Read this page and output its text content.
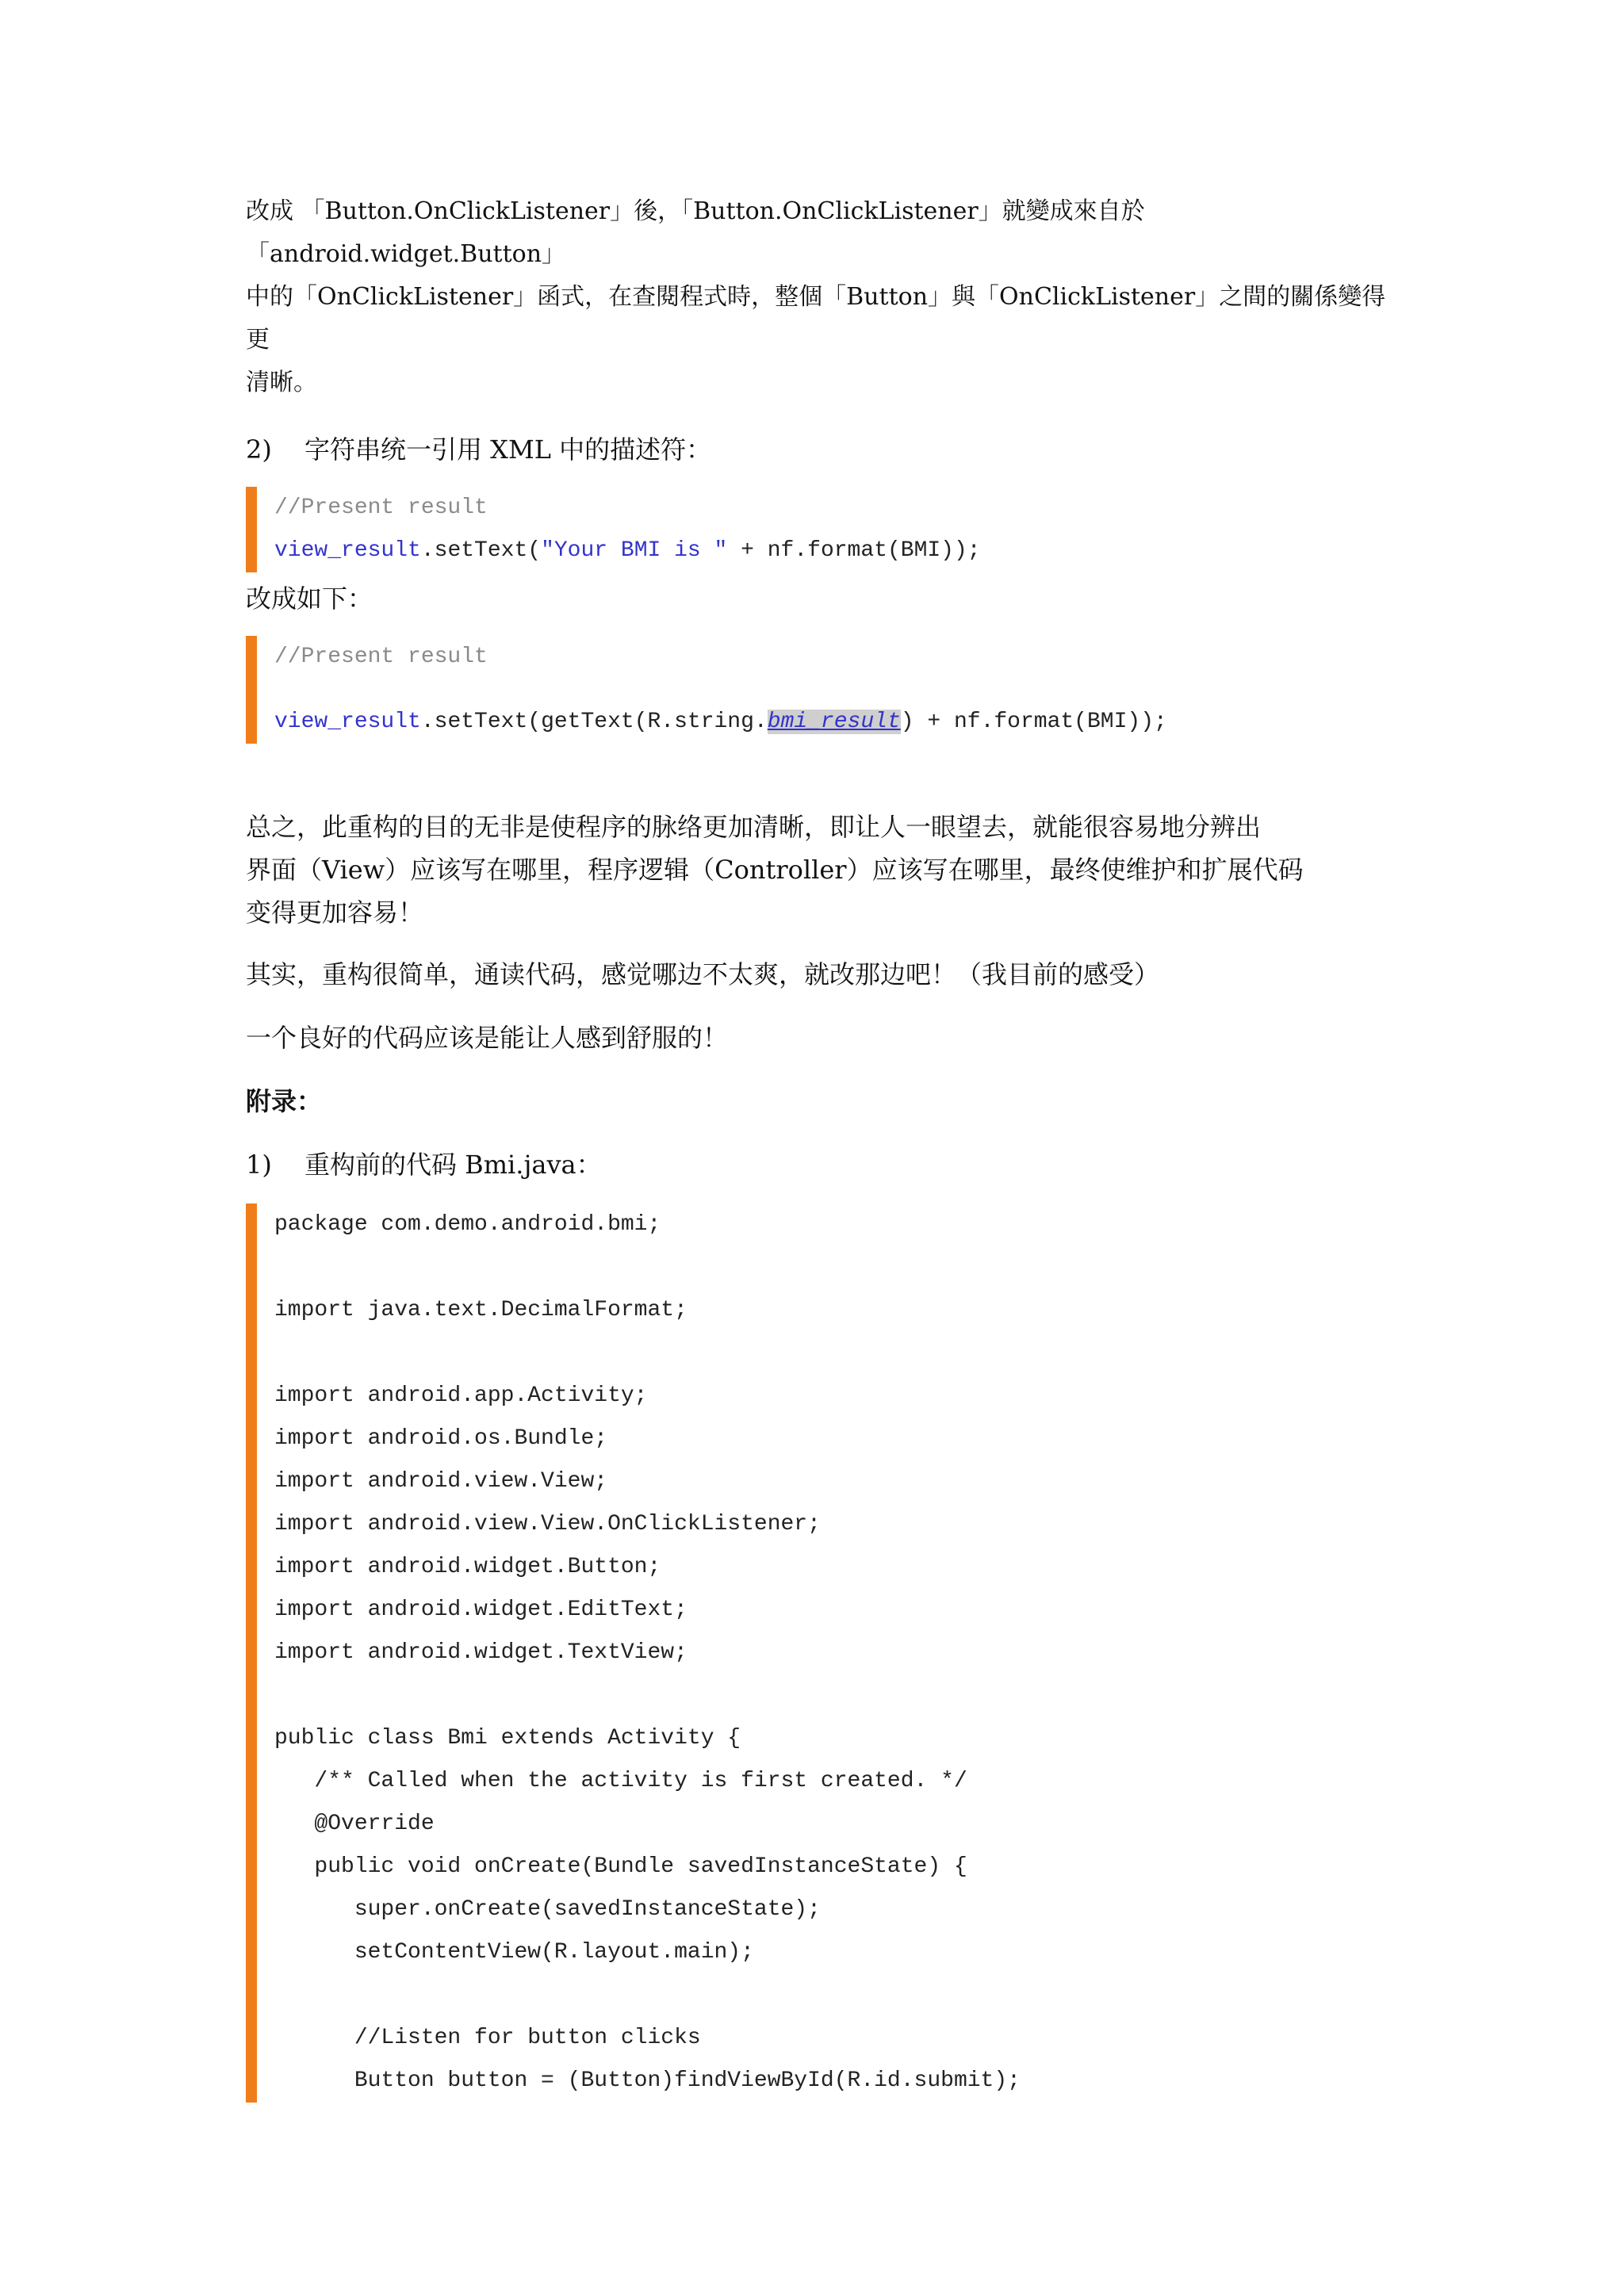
改成 「Button.OnClickListener」後，「Button.OnClickListener」就變成來自於「android.widget.Button」

中的「OnClickListener」函式，在查閱程式時，整個「Button」與「OnClickListener」之間的關係變得更

清晰。

2)	字符串统一引用 XML 中的描述符：
//Present result
view_result.setText("Your BMI is " + nf.format(BMI));

改成如下：

//Present result
view_result.setText(getText(R.string.bmi_result) + nf.format(BMI));

总之，此重构的目的无非是使程序的脉络更加清晰，即让人一眼望去，就能很容易地分辨出

界面（View）应该写在哪里，程序逻辑（Controller）应该写在哪里，最终使维护和扩展代码

变得更加容易！

其实，重构很简单，通读代码，感觉哪边不太爽，就改那边吧！（我目前的感受）

一个良好的代码应该是能让人感到舒服的！

附录：

1)	重构前的代码 Bmi.java：
package com.demo.android.bmi;
import java.text.DecimalFormat;
import android.app.Activity;
import android.os.Bundle;
import android.view.View;
import android.view.View.OnClickListener;
import android.widget.Button;
import android.widget.EditText;
import android.widget.TextView;
public class Bmi extends Activity {
/** Called when the activity is first created. */
@Override
public void onCreate(Bundle savedInstanceState) {
super.onCreate(savedInstanceState);
setContentView(R.layout.main);
//Listen for button clicks
Button button = (Button)findViewById(R.id.submit);
